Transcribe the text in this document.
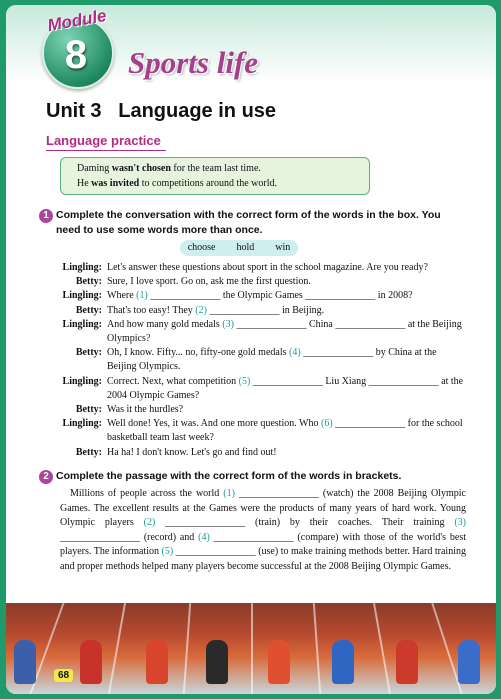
Module
8	Sports life
Unit 3   Language in use
Language practice
Daming wasn't chosen for the team last time.
He was invited to competitions around the world.
1 Complete the conversation with the correct form of the words in the box. You
need to use some words more than once.
choose  hold  win
Lingling: Let's answer these questions about sport in the school magazine. Are you ready?
Betty: Sure, I love sport. Go on, ask me the first question.
Lingling: Where (1) ______________ the Olympic Games ______________ in 2008?
Betty: That's too easy! They (2) ______________ in Beijing.
Lingling: And how many gold medals (3) ______________ China ______________ at the Beijing Olympics?
Betty: Oh, I know. Fifty... no, fifty-one gold medals (4) ______________ by China at the Beijing Olympics.
Lingling: Correct. Next, what competition (5) ______________ Liu Xiang ______________ at the 2004 Olympic Games?
Betty: Was it the hurdles?
Lingling: Well done! Yes, it was. And one more question. Who (6) ______________ for the school basketball team last week?
Betty: Ha ha! I don't know. Let's go and find out!
2 Complete the passage with the correct form of the words in brackets.
Millions of people across the world (1) ________________ (watch) the 2008 Beijing Olympic Games. The excellent results at the Games were the products of many years of hard work. Young Olympic players (2) ________________ (train) by their coaches. Their training (3) ________________ (record) and (4) ________________ (compare) with those of the world's best players. The information (5) ________________ (use) to make training methods better. Hard training and proper methods helped many players become successful at the 2008 Beijing Olympic Games.
68
